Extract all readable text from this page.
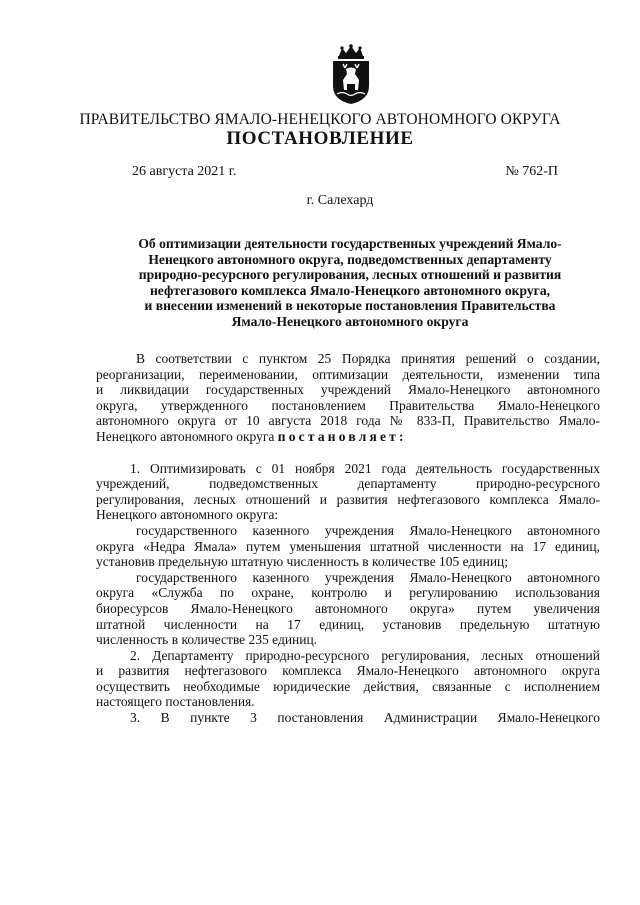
ПРАВИТЕЛЬСТВО ЯМАЛО-НЕНЕЦКОГО АВТОНОМНОГО ОКРУГА
ПОСТАНОВЛЕНИЕ
26 августа 2021 г.	№ 762-П
г. Салехард
Об оптимизации деятельности государственных учреждений Ямало-
Ненецкого автономного округа, подведомственных департаменту
природно-ресурсного регулирования, лесных отношений и развития
нефтегазового комплекса Ямало-Ненецкого автономного округа,
и внесении изменений в некоторые постановления Правительства
Ямало-Ненецкого автономного округа
В соответствии с пунктом 25 Порядка принятия решений о создании,
реорганизации, переименовании, оптимизации деятельности, изменении типа
и ликвидации государственных учреждений Ямало-Ненецкого автономного
округа, утвержденного постановлением Правительства Ямало-Ненецкого
автономного округа от 10 августа 2018 года № 833-П, Правительство Ямало-
Ненецкого автономного округа постановляет:
1. Оптимизировать с 01 ноября 2021 года деятельность государственных
учреждений, подведомственных департаменту природно-ресурсного
регулирования, лесных отношений и развития нефтегазового комплекса Ямало-
Ненецкого автономного округа:
государственного казенного учреждения Ямало-Ненецкого автономного
округа «Недра Ямала» путем уменьшения штатной численности на 17 единиц,
установив предельную штатную численность в количестве 105 единиц;
государственного казенного учреждения Ямало-Ненецкого автономного
округа «Служба по охране, контролю и регулированию использования
биоресурсов Ямало-Ненецкого автономного округа» путем увеличения
штатной численности на 17 единиц, установив предельную штатную
численность в количестве 235 единиц.
2. Департаменту природно-ресурсного регулирования, лесных отношений
и развития нефтегазового комплекса Ямало-Ненецкого автономного округа
осуществить необходимые юридические действия, связанные с исполнением
настоящего постановления.
3. В пункте 3 постановления Администрации Ямало-Ненецкого
